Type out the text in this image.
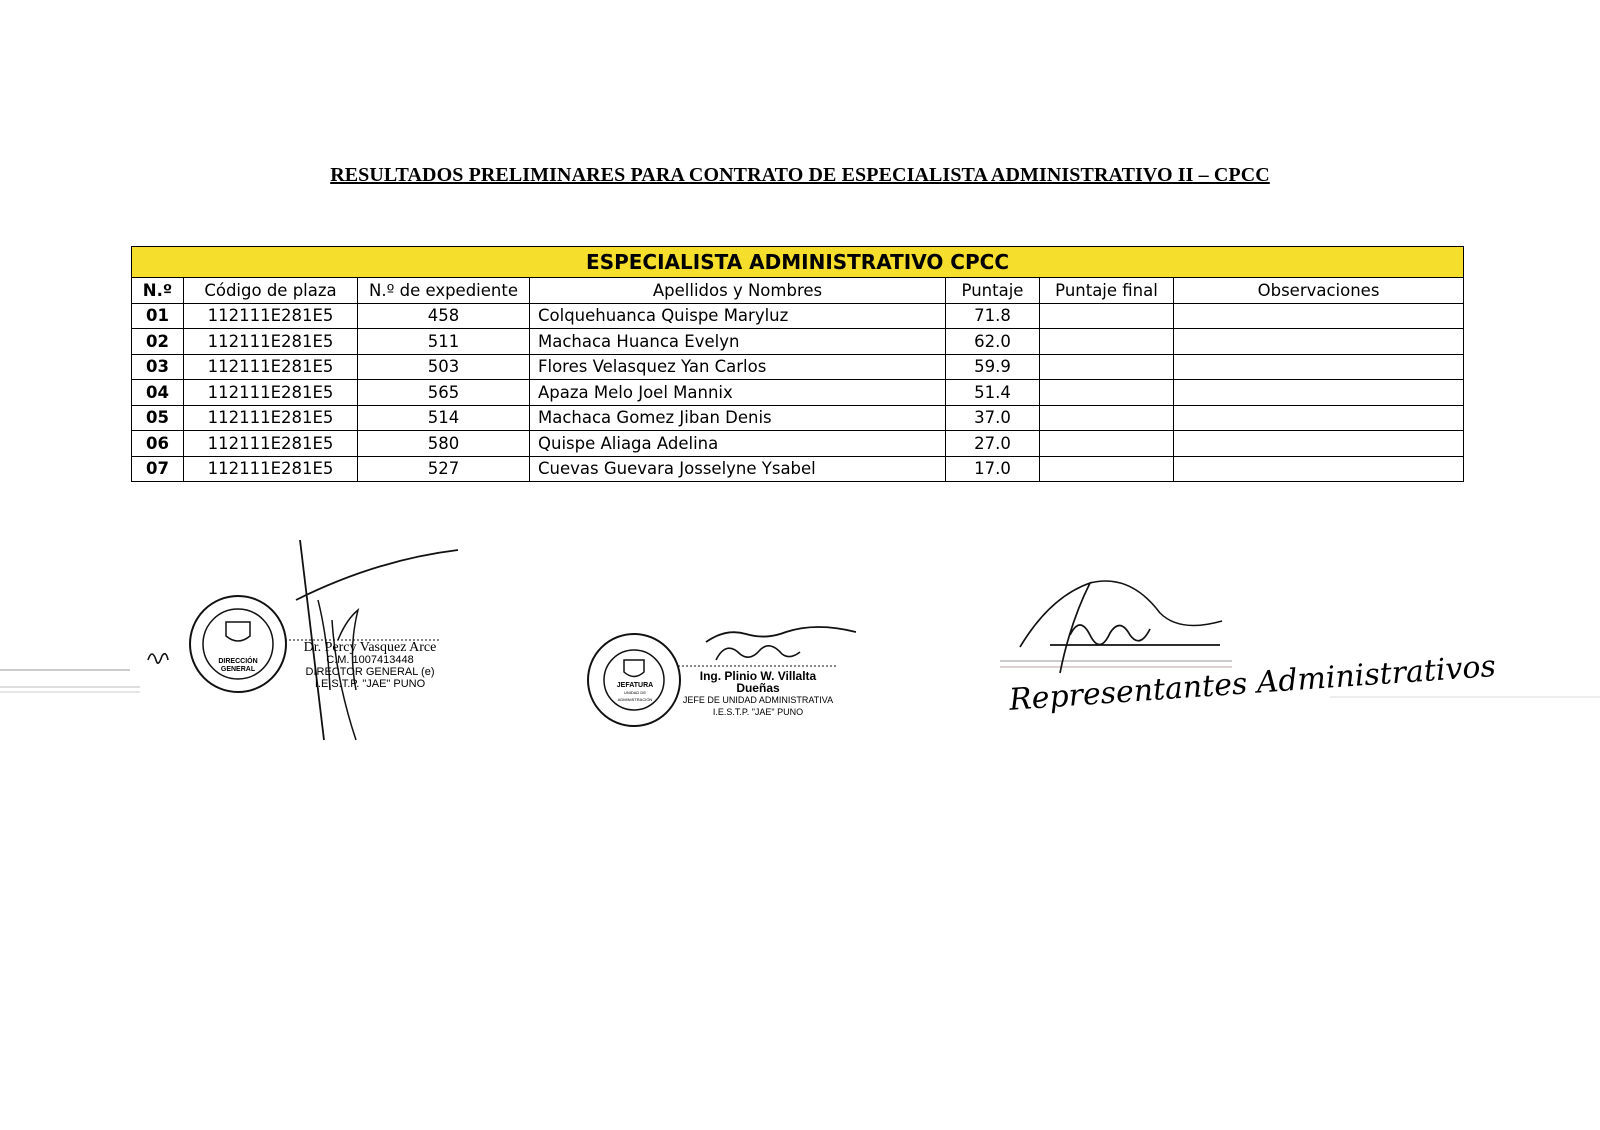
RESULTADOS PRELIMINARES PARA CONTRATO DE ESPECIALISTA ADMINISTRATIVO II – CPCC
ESPECIALISTA ADMINISTRATIVO CPCC						
N.º	Código de plaza	N.º de expediente	Apellidos y Nombres	Puntaje	Puntaje final	Observaciones
01	112111E281E5	458	Colquehuanca Quispe Maryluz	71.8		
02	112111E281E5	511	Machaca Huanca Evelyn	62.0		
03	112111E281E5	503	Flores Velasquez Yan Carlos	59.9		
04	112111E281E5	565	Apaza Melo Joel Mannix	51.4		
05	112111E281E5	514	Machaca Gomez Jiban Denis	37.0		
06	112111E281E5	580	Quispe Aliaga Adelina	27.0		
07	112111E281E5	527	Cuevas Guevara Josselyne Ysabel	17.0		
DIRECCIÓN
GENERAL
Dr. Percy Vasquez Arce
C.M. 1007413448
DIRECTOR GENERAL (e)
I.E.S.T.P. "JAE" PUNO	JEFATURA
UNIDAD DE ADMINISTRACIÓN
Ing. Plinio W. Villalta Dueñas
JEFE DE UNIDAD ADMINISTRATIVA
I.E.S.T.P. "JAE" PUNO	Representantes Administrativos
